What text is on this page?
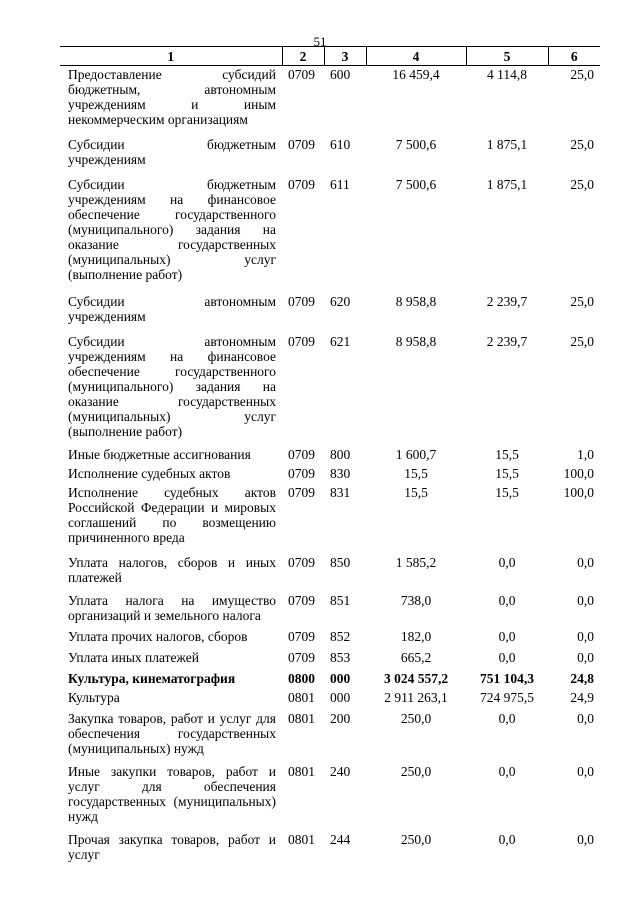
51
1	2	3	4	5	6
Предоставление субсидий бюджетным, автономным учреждениям и иным некоммерческим организациям	0709	600	16 459,4	4 114,8	25,0
Субсидии бюджетным учреждениям	0709	610	7 500,6	1 875,1	25,0
Субсидии бюджетным учреждениям на финансовое обеспечение государственного (муниципального) задания на оказание государственных (муниципальных) услуг (выполнение работ)	0709	611	7 500,6	1 875,1	25,0
Субсидии автономным учреждениям	0709	620	8 958,8	2 239,7	25,0
Субсидии автономным учреждениям на финансовое обеспечение государственного (муниципального) задания на оказание государственных (муниципальных) услуг (выполнение работ)	0709	621	8 958,8	2 239,7	25,0
Иные бюджетные ассигнования	0709	800	1 600,7	15,5	1,0
Исполнение судебных актов	0709	830	15,5	15,5	100,0
Исполнение судебных актов Российской Федерации и мировых соглашений по возмещению причиненного вреда	0709	831	15,5	15,5	100,0
Уплата налогов, сборов и иных платежей	0709	850	1 585,2	0,0	0,0
Уплата налога на имущество организаций и земельного налога	0709	851	738,0	0,0	0,0
Уплата прочих налогов, сборов	0709	852	182,0	0,0	0,0
Уплата иных платежей	0709	853	665,2	0,0	0,0
Культура, кинематография	0800	000	3 024 557,2	751 104,3	24,8
Культура	0801	000	2 911 263,1	724 975,5	24,9
Закупка товаров, работ и услуг для обеспечения государственных (муниципальных) нужд	0801	200	250,0	0,0	0,0
Иные закупки товаров, работ и услуг для обеспечения государственных (муниципальных) нужд	0801	240	250,0	0,0	0,0
Прочая закупка товаров, работ и услуг	0801	244	250,0	0,0	0,0
